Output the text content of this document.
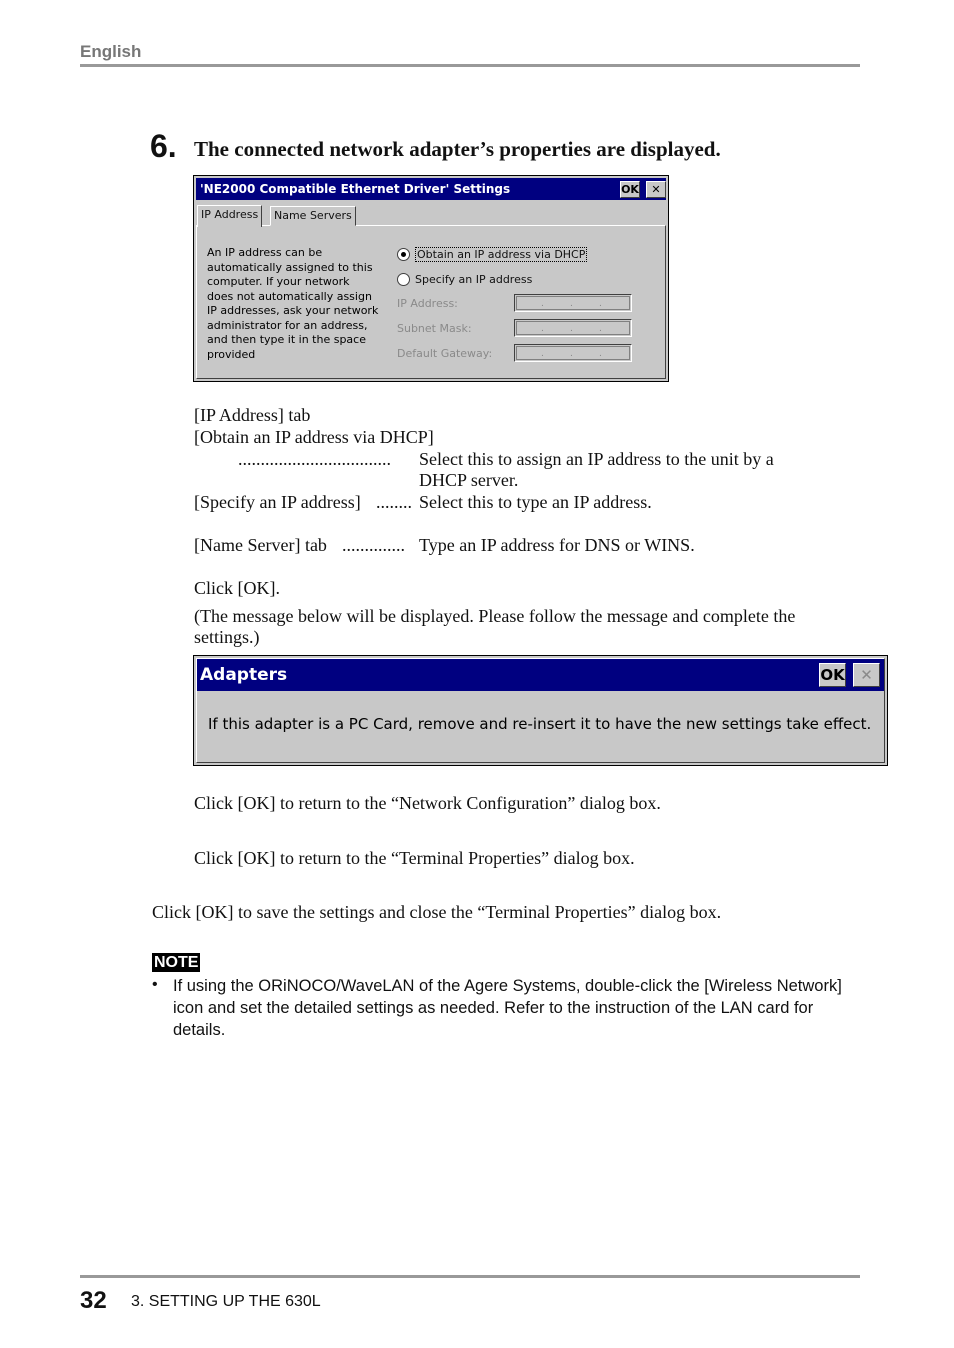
English
6. The connected network adapter’s properties are displayed.
'NE2000 Compatible Ethernet Driver' Settings	OK	✕
IP Address	Name Servers
An IP address can be
automatically assigned to this
computer. If your network
does not automatically assign
IP addresses, ask your network
administrator for an address,
and then type it in the space
provided
Obtain an IP address via DHCP
Specify an IP address
IP Address:	.	.	.
Subnet Mask:	.	.	.
Default Gateway:	.	.	.
[IP Address] tab
[Obtain an IP address via DHCP]
.................................. Select this to assign an IP address to the unit by a
DHCP server.
[Specify an IP address] ........ Select this to type an IP address.
[Name Server] tab .............. Type an IP address for DNS or WINS.
Click [OK].
(The message below will be displayed. Please follow the message and complete the
settings.)
Adapters	OK	✕
If this adapter is a PC Card, remove and re-insert it to have the new settings take effect.
Click [OK] to return to the “Network Configuration” dialog box.
Click [OK] to return to the “Terminal Properties” dialog box.
Click [OK] to save the settings and close the “Terminal Properties” dialog box.
NOTE
• If using the ORiNOCO/WaveLAN of the Agere Systems, double-click the [Wireless Network] icon and set the detailed settings as needed. Refer to the instruction of the LAN card for details.
32 3. SETTING UP THE 630L
